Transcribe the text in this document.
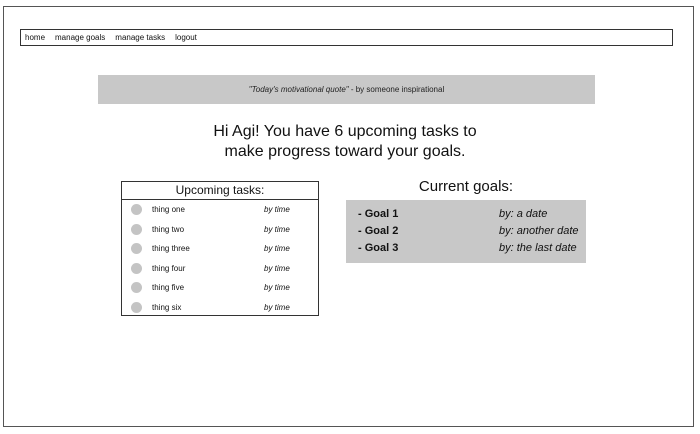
home manage goals manage tasks logout
"Today's motivational quote" - by someone inspirational
Hi Agi! You have 6 upcoming tasks to
make progress toward your goals.
Upcoming tasks:
thing one	by time
thing two	by time
thing three	by time
thing four	by time
thing five	by time
thing six	by time
Current goals:
- Goal 1	by: a date
- Goal 2	by: another date
- Goal 3	by: the last date
